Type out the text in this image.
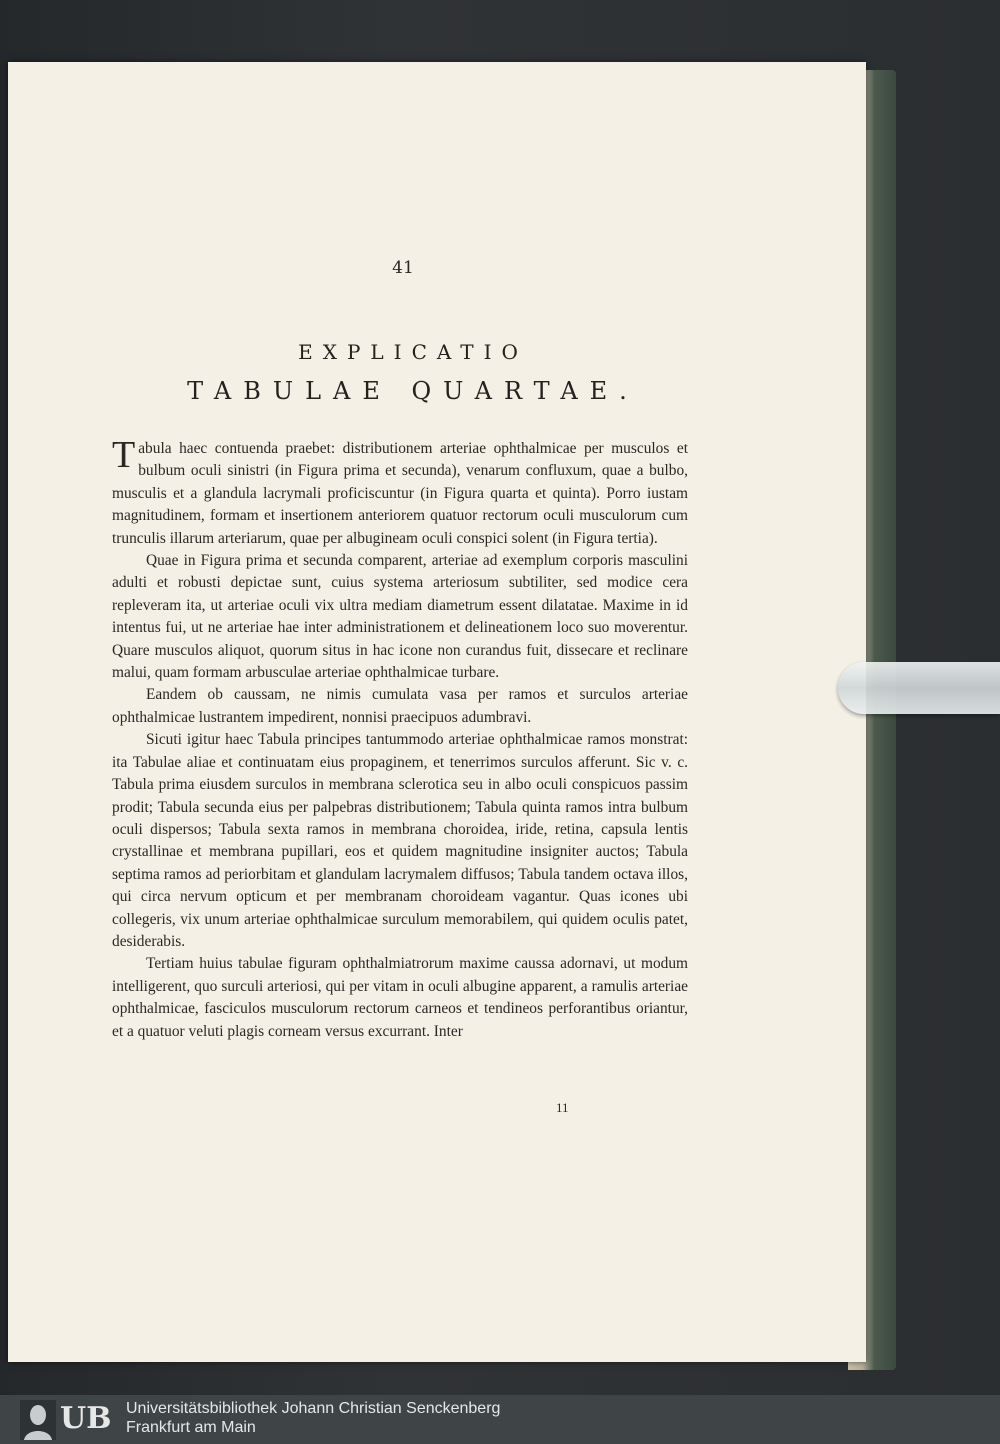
41
EXPLICATIO
TABULAE QUARTAE.

Tabula haec contuenda praebet: distributionem arteriae ophthalmicae per musculos et bulbum oculi sinistri (in Figura prima et secunda), venarum confluxum, quae a bulbo, musculis et a glandula lacrymali proficiscuntur (in Figura quarta et quinta). Porro iustam magnitudinem, formam et insertionem anteriorem quatuor rectorum oculi musculorum cum trunculis illarum arteriarum, quae per albugineam oculi conspici solent (in Figura tertia).

Quae in Figura prima et secunda comparent, arteriae ad exemplum corporis masculini adulti et robusti depictae sunt, cuius systema arteriosum subtiliter, sed modice cera repleveram ita, ut arteriae oculi vix ultra mediam diametrum essent dilatatae. Maxime in id intentus fui, ut ne arteriae hae inter administrationem et delineationem loco suo moverentur. Quare musculos aliquot, quorum situs in hac icone non curandus fuit, dissecare et reclinare malui, quam formam arbusculae arteriae ophthalmicae turbare.

Eandem ob caussam, ne nimis cumulata vasa per ramos et surculos arteriae ophthalmicae lustrantem impedirent, nonnisi praecipuos adumbravi.

Sicuti igitur haec Tabula principes tantummodo arteriae ophthalmicae ramos monstrat: ita Tabulae aliae et continuatam eius propaginem, et tenerrimos surculos afferunt. Sic v. c. Tabula prima eiusdem surculos in membrana sclerotica seu in albo oculi conspicuos passim prodit; Tabula secunda eius per palpebras distributionem; Tabula quinta ramos intra bulbum oculi dispersos; Tabula sexta ramos in membrana choroidea, iride, retina, capsula lentis crystallinae et membrana pupillari, eos et quidem magnitudine insigniter auctos; Tabula septima ramos ad periorbitam et glandulam lacrymalem diffusos; Tabula tandem octava illos, qui circa nervum opticum et per membranam choroideam vagantur. Quas icones ubi collegeris, vix unum arteriae ophthalmicae surculum memorabilem, qui quidem oculis patet, desiderabis.

Tertiam huius tabulae figuram ophthalmiatrorum maxime caussa adornavi, ut modum intelligerent, quo surculi arteriosi, qui per vitam in oculi albugine apparent, a ramulis arteriae ophthalmicae, fasciculos musculorum rectorum carneos et tendineos perforantibus oriantur, et a quatuor veluti plagis corneam versus excurrant. Inter

11
UB Universitätsbibliothek Johann Christian Senckenberg
Frankfurt am Main
